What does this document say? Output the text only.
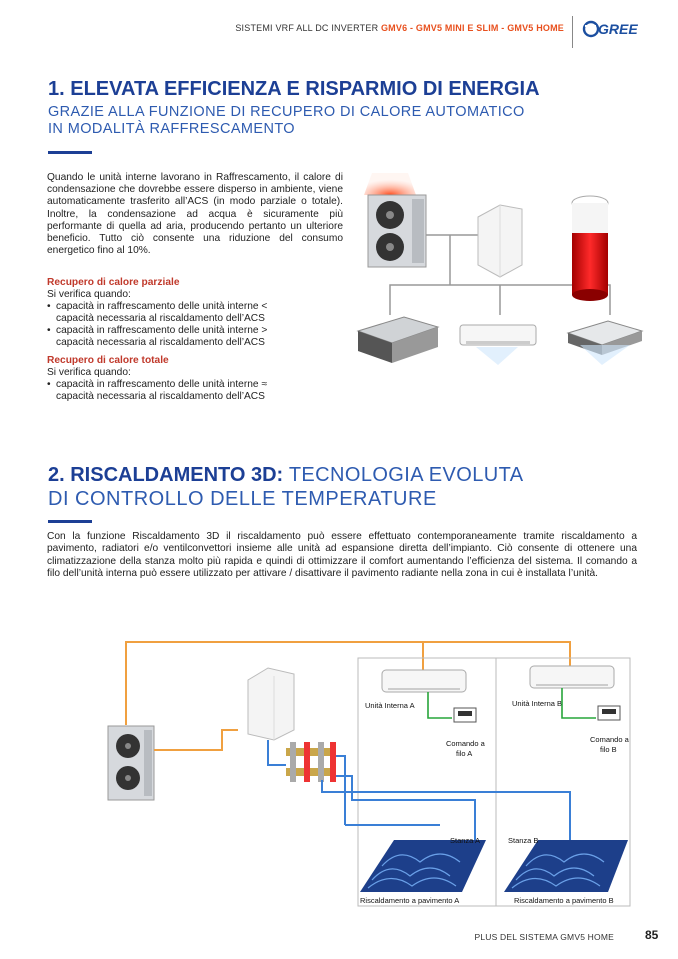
SISTEMI VRF ALL DC INVERTER GMV6 - GMV5 MINI E SLIM - GMV5 HOME GREE
1. ELEVATA EFFICIENZA E RISPARMIO DI ENERGIA
GRAZIE ALLA FUNZIONE DI RECUPERO DI CALORE AUTOMATICO
IN MODALITÀ RAFFRESCAMENTO
Quando le unità interne lavorano in Raffrescamento, il calore di condensazione che dovrebbe essere disperso in ambiente, viene automaticamente trasferito all’ACS (in modo parziale o totale). Inoltre, la condensazione ad acqua è sicuramente più performante di quella ad aria, producendo pertanto un ulteriore beneficio. Tutto ciò consente una riduzione del consumo energetico fino al 10%.
Recupero di calore parziale
Si verifica quando:
• capacità in raffrescamento delle unità interne <
capacità necessaria al riscaldamento dell’ACS
• capacità in raffrescamento delle unità interne >
capacità necessaria al riscaldamento dell’ACS
Recupero di calore totale
Si verifica quando:
• capacità in raffrescamento delle unità interne ≈
capacità necessaria al riscaldamento dell’ACS
2. RISCALDAMENTO 3D: TECNOLOGIA EVOLUTA
DI CONTROLLO DELLE TEMPERATURE
Con la funzione Riscaldamento 3D il riscaldamento può essere effettuato contemporaneamente tramite riscaldamento a pavimento, radiatori e/o ventilconvettori insieme alle unità ad espansione diretta dell’impianto. Ciò consente di ottenere una climatizzazione della stanza molto più rapida e quindi di ottimizzare il comfort aumentando l’efficienza del sistema. Il comando a filo dell’unità interna può essere utilizzato per attivare / disattivare il pavimento radiante nella zona in cui è installata l’unità.
Unità Interna A
Comando a
filo A
Unità Interna B
Comando a
filo B
Stanza A
Riscaldamento a pavimento A
Stanza B
Riscaldamento a pavimento B
PLUS DEL SISTEMA GMV5 HOME	85
